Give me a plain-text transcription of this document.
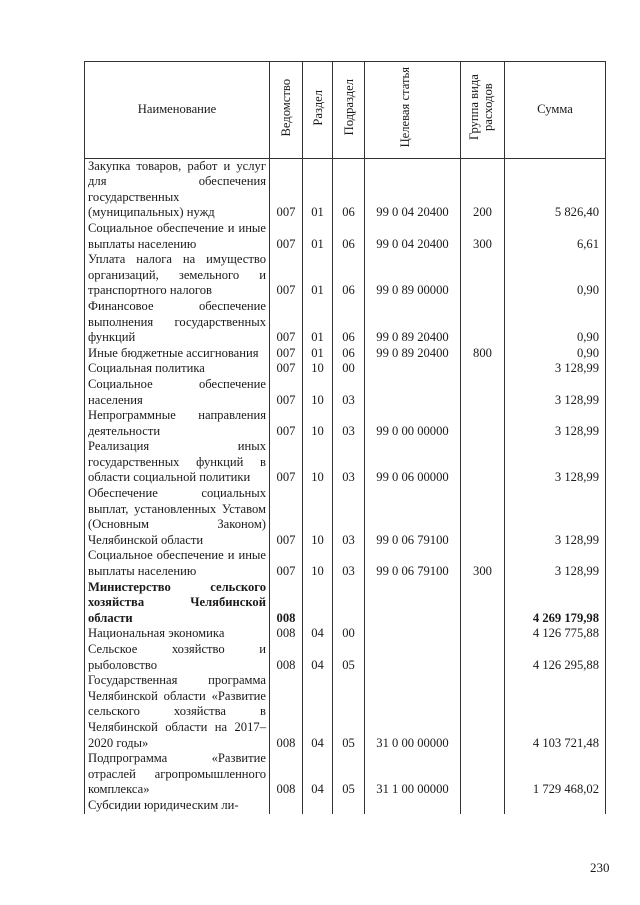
Наименование	Ведомство	Раздел	Подраздел	Целевая статья	Группа вида расходов	Сумма
Закупка товаров, работ и услуг для обеспечения государственных (муниципальных) нужд	007	01	06	99 0 04 20400	200	5 826,40
Социальное обеспечение и иные выплаты населению	007	01	06	99 0 04 20400	300	6,61
Уплата налога на имущество организаций, земельного и транспортного налогов	007	01	06	99 0 89 00000		0,90
Финансовое обеспечение выполнения государственных функций	007	01	06	99 0 89 20400		0,90
Иные бюджетные ассигнования	007	01	06	99 0 89 20400	800	0,90
Социальная политика	007	10	00			3 128,99
Социальное обеспечение населения	007	10	03			3 128,99
Непрограммные направления деятельности	007	10	03	99 0 00 00000		3 128,99
Реализация иных государственных функций в области социальной политики	007	10	03	99 0 06 00000		3 128,99
Обеспечение социальных выплат, установленных Уставом (Основным Законом) Челябинской области	007	10	03	99 0 06 79100		3 128,99
Социальное обеспечение и иные выплаты населению	007	10	03	99 0 06 79100	300	3 128,99
Министерство сельского хозяйства Челябинской области	008					4 269 179,98
Национальная экономика	008	04	00			4 126 775,88
Сельское хозяйство и рыболовство	008	04	05			4 126 295,88
Государственная программа Челябинской области «Развитие сельского хозяйства в Челябинской области на 2017–2020 годы»	008	04	05	31 0 00 00000		4 103 721,48
Подпрограмма «Развитие отраслей агропромышленного комплекса»	008	04	05	31 1 00 00000		1 729 468,02
Субсидии юридическим ли-						
230
